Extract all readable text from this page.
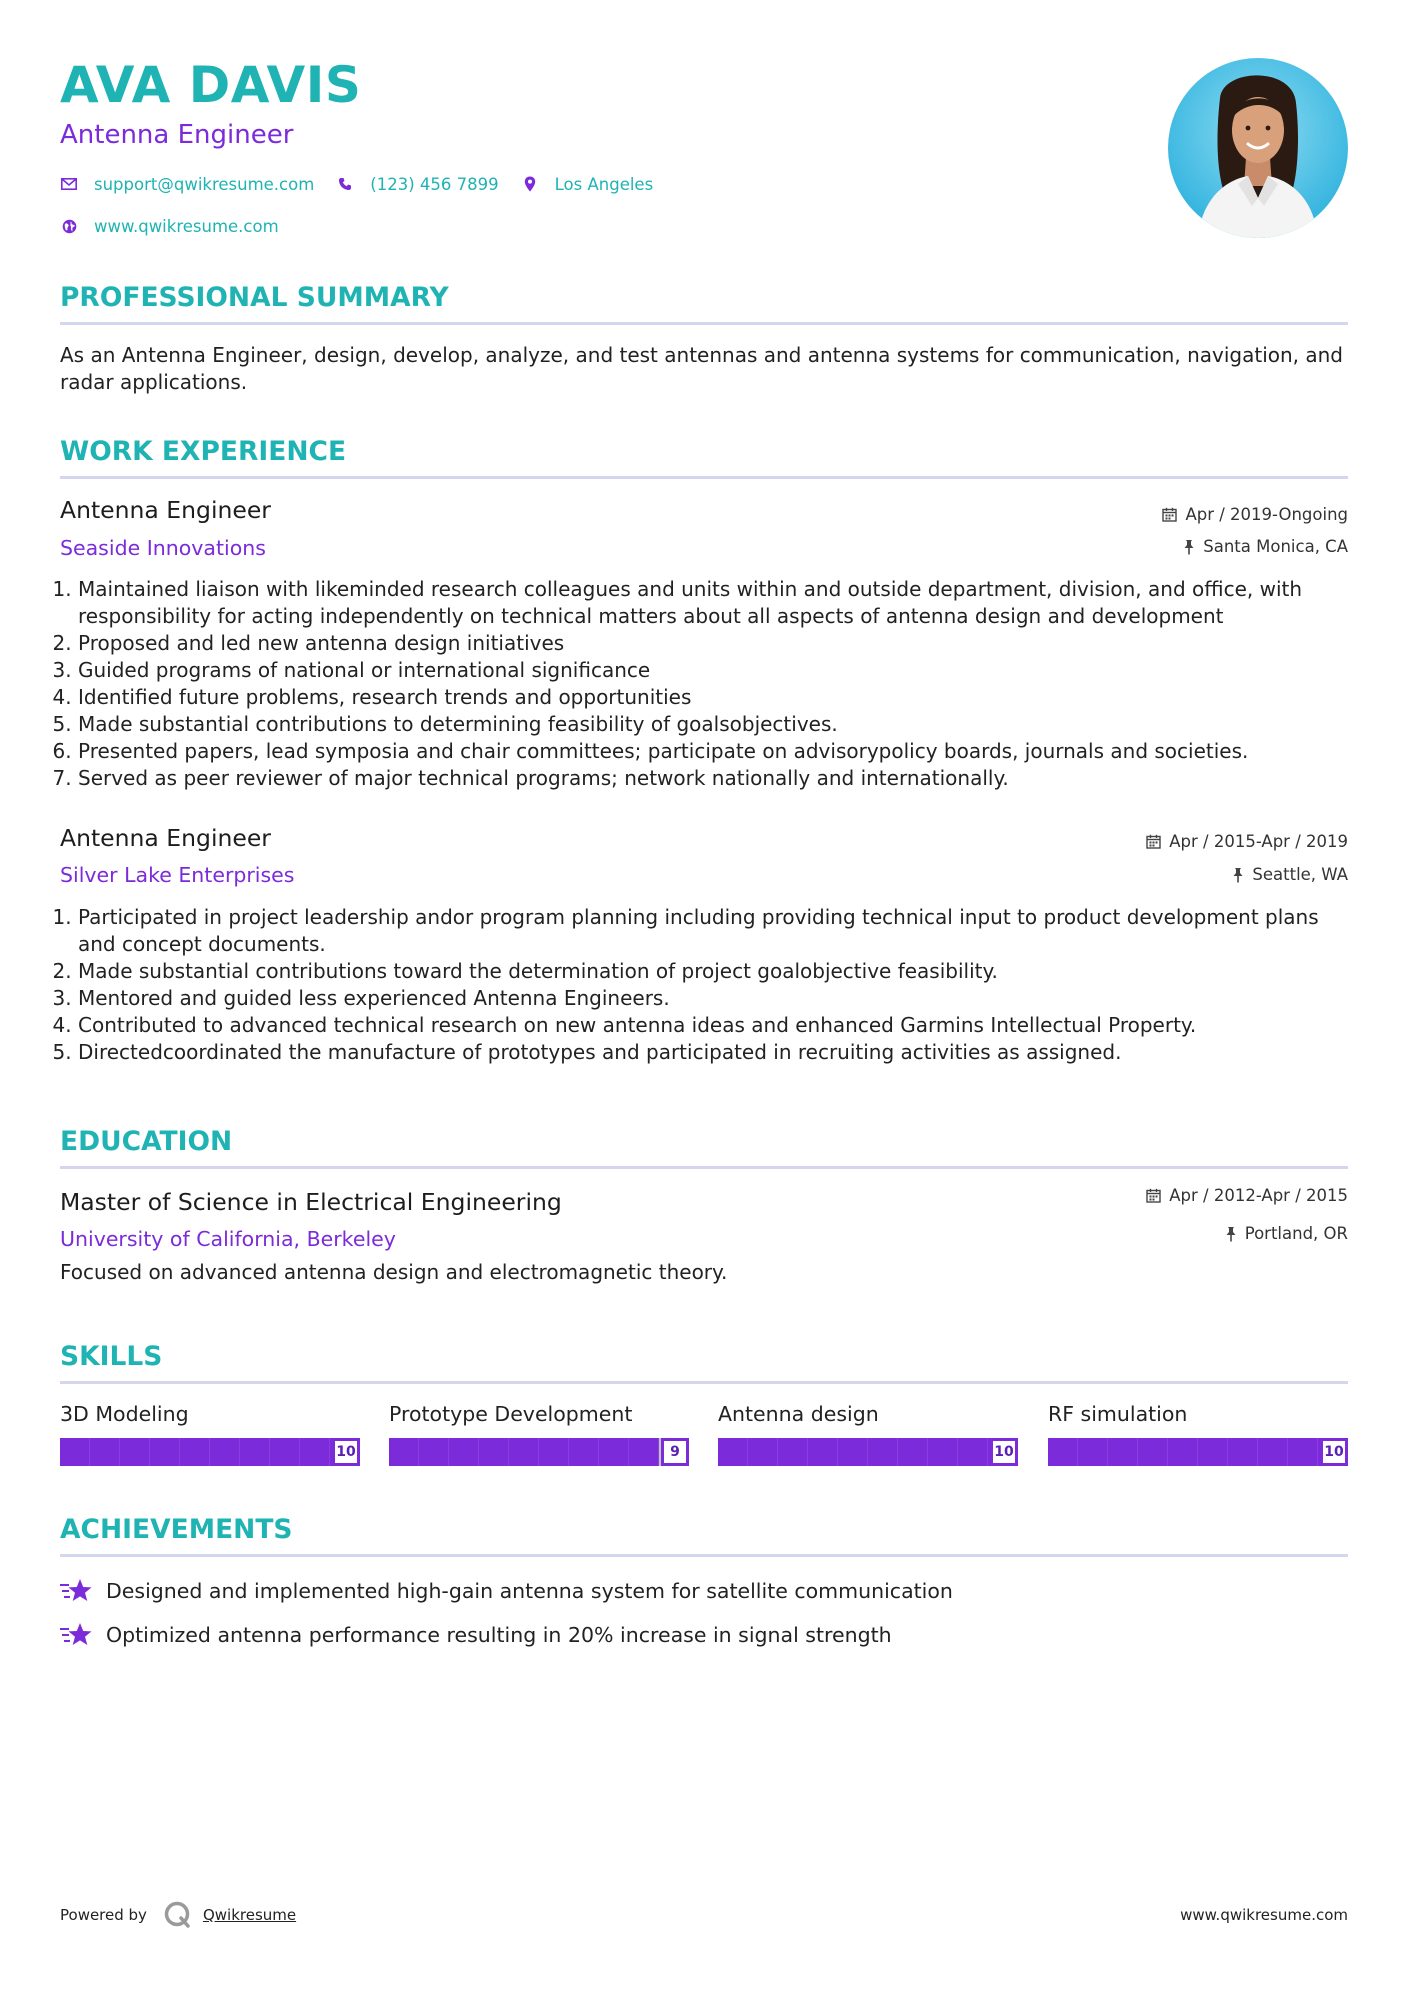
AVA DAVIS
Antenna Engineer
support@qwikresume.com	(123) 456 7899	Los Angeles
www.qwikresume.com
PROFESSIONAL SUMMARY
As an Antenna Engineer, design, develop, analyze, and test antennas and antenna systems for communication, navigation, and radar applications.
WORK EXPERIENCE
Antenna Engineer
Seaside Innovations
Apr / 2019-Ongoing
Santa Monica, CA
1. Maintained liaison with likeminded research colleagues and units within and outside department, division, and office, with responsibility for acting independently on technical matters about all aspects of antenna design and development
2. Proposed and led new antenna design initiatives
3. Guided programs of national or international significance
4. Identified future problems, research trends and opportunities
5. Made substantial contributions to determining feasibility of goalsobjectives.
6. Presented papers, lead symposia and chair committees; participate on advisorypolicy boards, journals and societies.
7. Served as peer reviewer of major technical programs; network nationally and internationally.
Antenna Engineer
Silver Lake Enterprises
Apr / 2015-Apr / 2019
Seattle, WA
1. Participated in project leadership andor program planning including providing technical input to product development plans and concept documents.
2. Made substantial contributions toward the determination of project goalobjective feasibility.
3. Mentored and guided less experienced Antenna Engineers.
4. Contributed to advanced technical research on new antenna ideas and enhanced Garmins Intellectual Property.
5. Directedcoordinated the manufacture of prototypes and participated in recruiting activities as assigned.
EDUCATION
Master of Science in Electrical Engineering
University of California, Berkeley
Apr / 2012-Apr / 2015
Portland, OR
Focused on advanced antenna design and electromagnetic theory.
SKILLS
3D Modeling
10
Prototype Development
9
Antenna design
10
RF simulation
10
ACHIEVEMENTS
Designed and implemented high-gain antenna system for satellite communication
Optimized antenna performance resulting in 20% increase in signal strength
Powered by	Qwikresume	www.qwikresume.com
